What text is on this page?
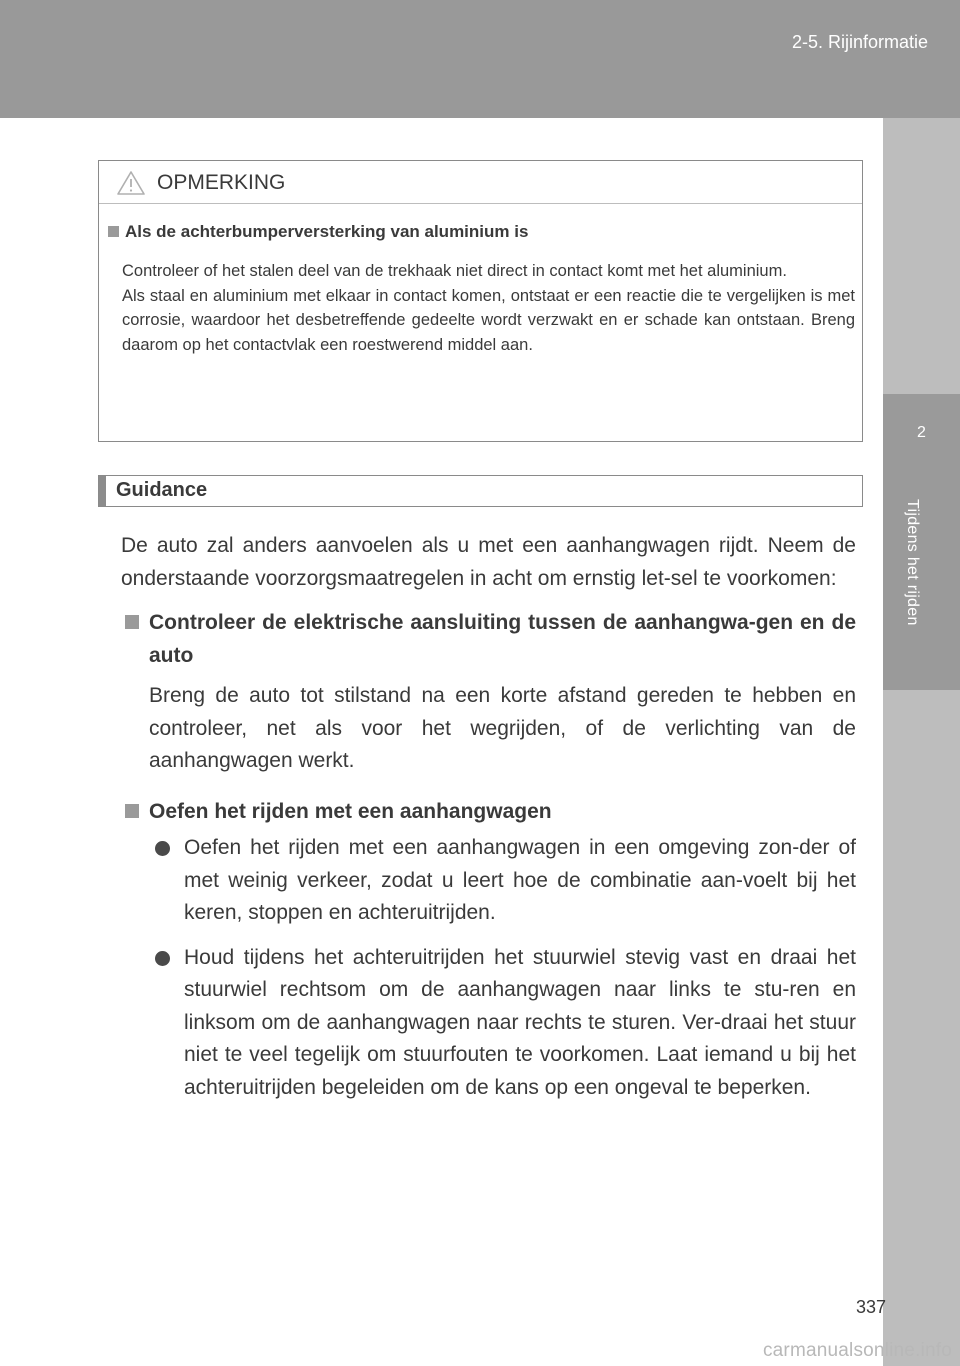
2-5. Rijinformatie
2
Tijdens het rijden
OPMERKING
Als de achterbumperversterking van aluminium is

Controleer of het stalen deel van de trekhaak niet direct in contact komt met het aluminium.

Als staal en aluminium met elkaar in contact komen, ontstaat er een reactie die te vergelijken is met corrosie, waardoor het desbetreffende gedeelte wordt verzwakt en er schade kan ontstaan. Breng daarom op het contactvlak een roestwerend middel aan.

Guidance

De auto zal anders aanvoelen als u met een aanhangwagen rijdt. Neem de onderstaande voorzorgsmaatregelen in acht om ernstig let-sel te voorkomen:

Controleer de elektrische aansluiting tussen de aanhangwa-gen en de auto

Breng de auto tot stilstand na een korte afstand gereden te hebben en controleer, net als voor het wegrijden, of de verlichting van de aanhangwagen werkt.

Oefen het rijden met een aanhangwagen

Oefen het rijden met een aanhangwagen in een omgeving zon-der of met weinig verkeer, zodat u leert hoe de combinatie aan-voelt bij het keren, stoppen en achteruitrijden.

Houd tijdens het achteruitrijden het stuurwiel stevig vast en draai het stuurwiel rechtsom om de aanhangwagen naar links te stu-ren en linksom om de aanhangwagen naar rechts te sturen. Ver-draai het stuur niet te veel tegelijk om stuurfouten te voorkomen. Laat iemand u bij het achteruitrijden begeleiden om de kans op een ongeval te beperken.

337
carmanualsonline.info
